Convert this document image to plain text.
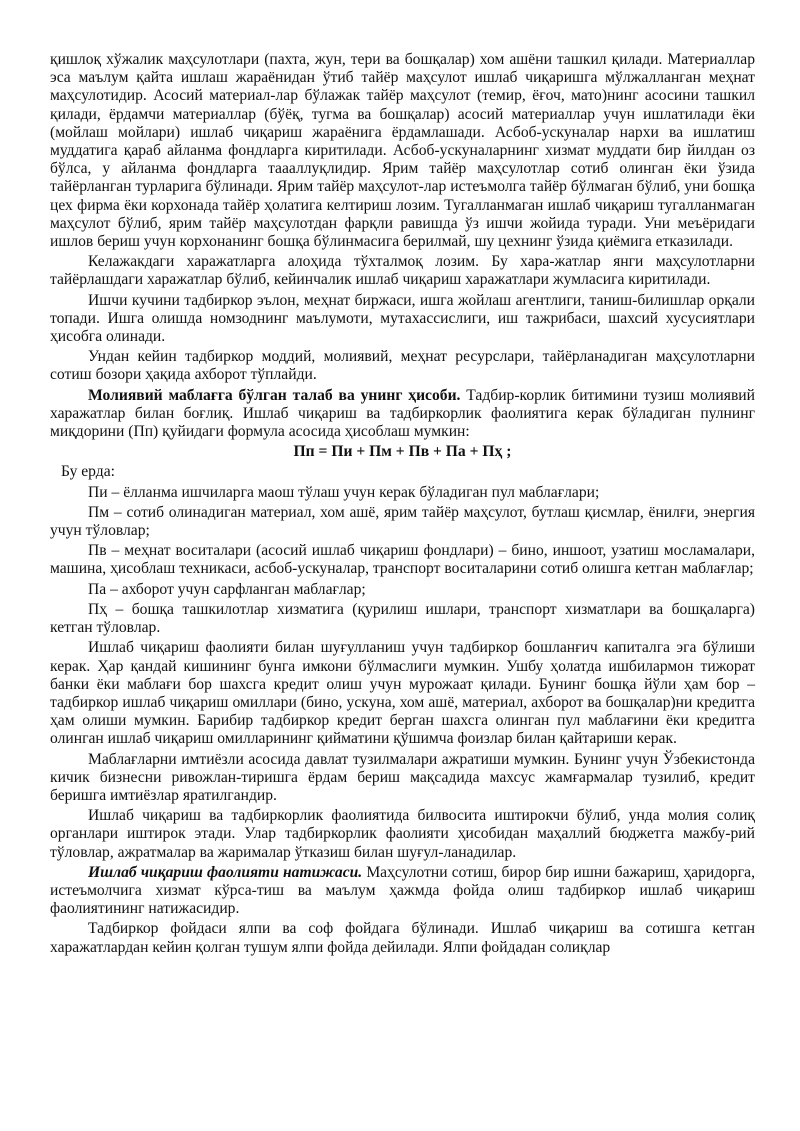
қишлоқ хўжалик маҳсулотлари (пахта, жун, тери ва бошқалар) хом ашёни ташкил қилади. Материаллар эса маълум қайта ишлаш жараёнидан ўтиб тайёр маҳсулот ишлаб чиқаришга мўлжалланган меҳнат маҳсулотидир. Асосий материал-лар бўлажак тайёр маҳсулот (темир, ёғоч, мато)нинг асосини ташкил қилади, ёрдамчи материаллар (бўёқ, тугма ва бошқалар) асосий материаллар учун ишлатилади ёки (мойлаш мойлари) ишлаб чиқариш жараёнига ёрдамлашади. Асбоб-ускуналар нархи ва ишлатиш муддатига қараб айланма фондларга киритилади. Асбоб-ускуналарнинг хизмат муддати бир йилдан оз бўлса, у айланма фондларга таааллуқлидир. Ярим тайёр маҳсулотлар сотиб олинган ёки ўзида тайёрланган турларига бўлинади. Ярим тайёр маҳсулот-лар истеъмолга тайёр бўлмаган бўлиб, уни бошқа цех фирма ёки корхонада тайёр ҳолатига келтириш лозим. Тугалланмаган ишлаб чиқариш тугалланмаган маҳсулот бўлиб, ярим тайёр маҳсулотдан фарқли равишда ўз ишчи жойида туради. Уни меъёридаги ишлов бериш учун корхонанинг бошқа бўлинмасига берилмай, шу цехнинг ўзида қиёмига етказилади.

Келажакдаги харажатларга алоҳида тўхталмоқ лозим. Бу хара-жатлар янги маҳсулотларни тайёрлашдаги харажатлар бўлиб, кейинчалик ишлаб чиқариш харажатлари жумласига киритилади.

Ишчи кучини тадбиркор эълон, меҳнат биржаси, ишга жойлаш агентлиги, таниш-билишлар орқали топади. Ишга олишда номзоднинг маълумоти, мутахассислиги, иш тажрибаси, шахсий хусусиятлари ҳисобга олинади.

Ундан кейин тадбиркор моддий, молиявий, меҳнат ресурслари, тайёрланадиган маҳсулотларни сотиш бозори ҳақида ахборот тўплайди.

Молиявий маблағга бўлган талаб ва унинг ҳисоби. Тадбир-корлик битимини тузиш молиявий харажатлар билан боғлиқ. Ишлаб чиқариш ва тадбиркорлик фаолиятига керак бўладиган пулнинг миқдорини (Пп) қуйидаги формула асосида ҳисоблаш мумкин:

Пп = Пи + Пм + Пв + Па + Пҳ ;

Бу ерда:

Пи – ёлланма ишчиларга маош тўлаш учун керак бўладиган пул маблағлари;

Пм – сотиб олинадиган материал, хом ашё, ярим тайёр маҳсулот, бутлаш қисмлар, ёнилғи, энергия учун тўловлар;

Пв – меҳнат воситалари (асосий ишлаб чиқариш фондлари) – бино, иншоот, узатиш мосламалари, машина, ҳисоблаш техникаси, асбоб-ускуналар, транспорт воситаларини сотиб олишга кетган маблағлар;

Па – ахборот учун сарфланган маблағлар;

Пҳ – бошқа ташкилотлар хизматига (қурилиш ишлари, транспорт хизматлари ва бошқаларга) кетган тўловлар.

Ишлаб чиқариш фаолияти билан шуғулланиш учун тадбиркор бошланғич капиталга эга бўлиши керак. Ҳар қандай кишининг бунга имкони бўлмаслиги мумкин. Ушбу ҳолатда ишбилармон тижорат банки ёки маблағи бор шахсга кредит олиш учун мурожаат қилади. Бунинг бошқа йўли ҳам бор – тадбиркор ишлаб чиқариш омиллари (бино, ускуна, хом ашё, материал, ахборот ва бошқалар)ни кредитга ҳам олиши мумкин. Барибир тадбиркор кредит берган шахсга олинган пул маблағини ёки кредитга олинган ишлаб чиқариш омилларининг қийматини қўшимча фоизлар билан қайтариши керак.

Маблағларни имтиёзли асосида давлат тузилмалари ажратиши мумкин. Бунинг учун Ўзбекистонда кичик бизнесни ривожлан-тиришга ёрдам бериш мақсадида махсус жамғармалар тузилиб, кредит беришга имтиёзлар яратилгандир.

Ишлаб чиқариш ва тадбиркорлик фаолиятида билвосита иштирокчи бўлиб, унда молия солиқ органлари иштирок этади. Улар тадбиркорлик фаолияти ҳисобидан маҳаллий бюджетга мажбу-рий тўловлар, ажратмалар ва жарималар ўтказиш билан шуғул-ланадилар.

Ишлаб чиқариш фаолияти натижаси. Маҳсулотни сотиш, бирор бир ишни бажариш, ҳаридорга, истеъмолчига хизмат кўрса-тиш ва маълум ҳажмда фойда олиш тадбиркор ишлаб чиқариш фаолиятининг натижасидир.

Тадбиркор фойдаси ялпи ва соф фойдага бўлинади. Ишлаб чиқариш ва сотишга кетган харажатлардан кейин қолган тушум ялпи фойда дейилади. Ялпи фойдадан солиқлар
